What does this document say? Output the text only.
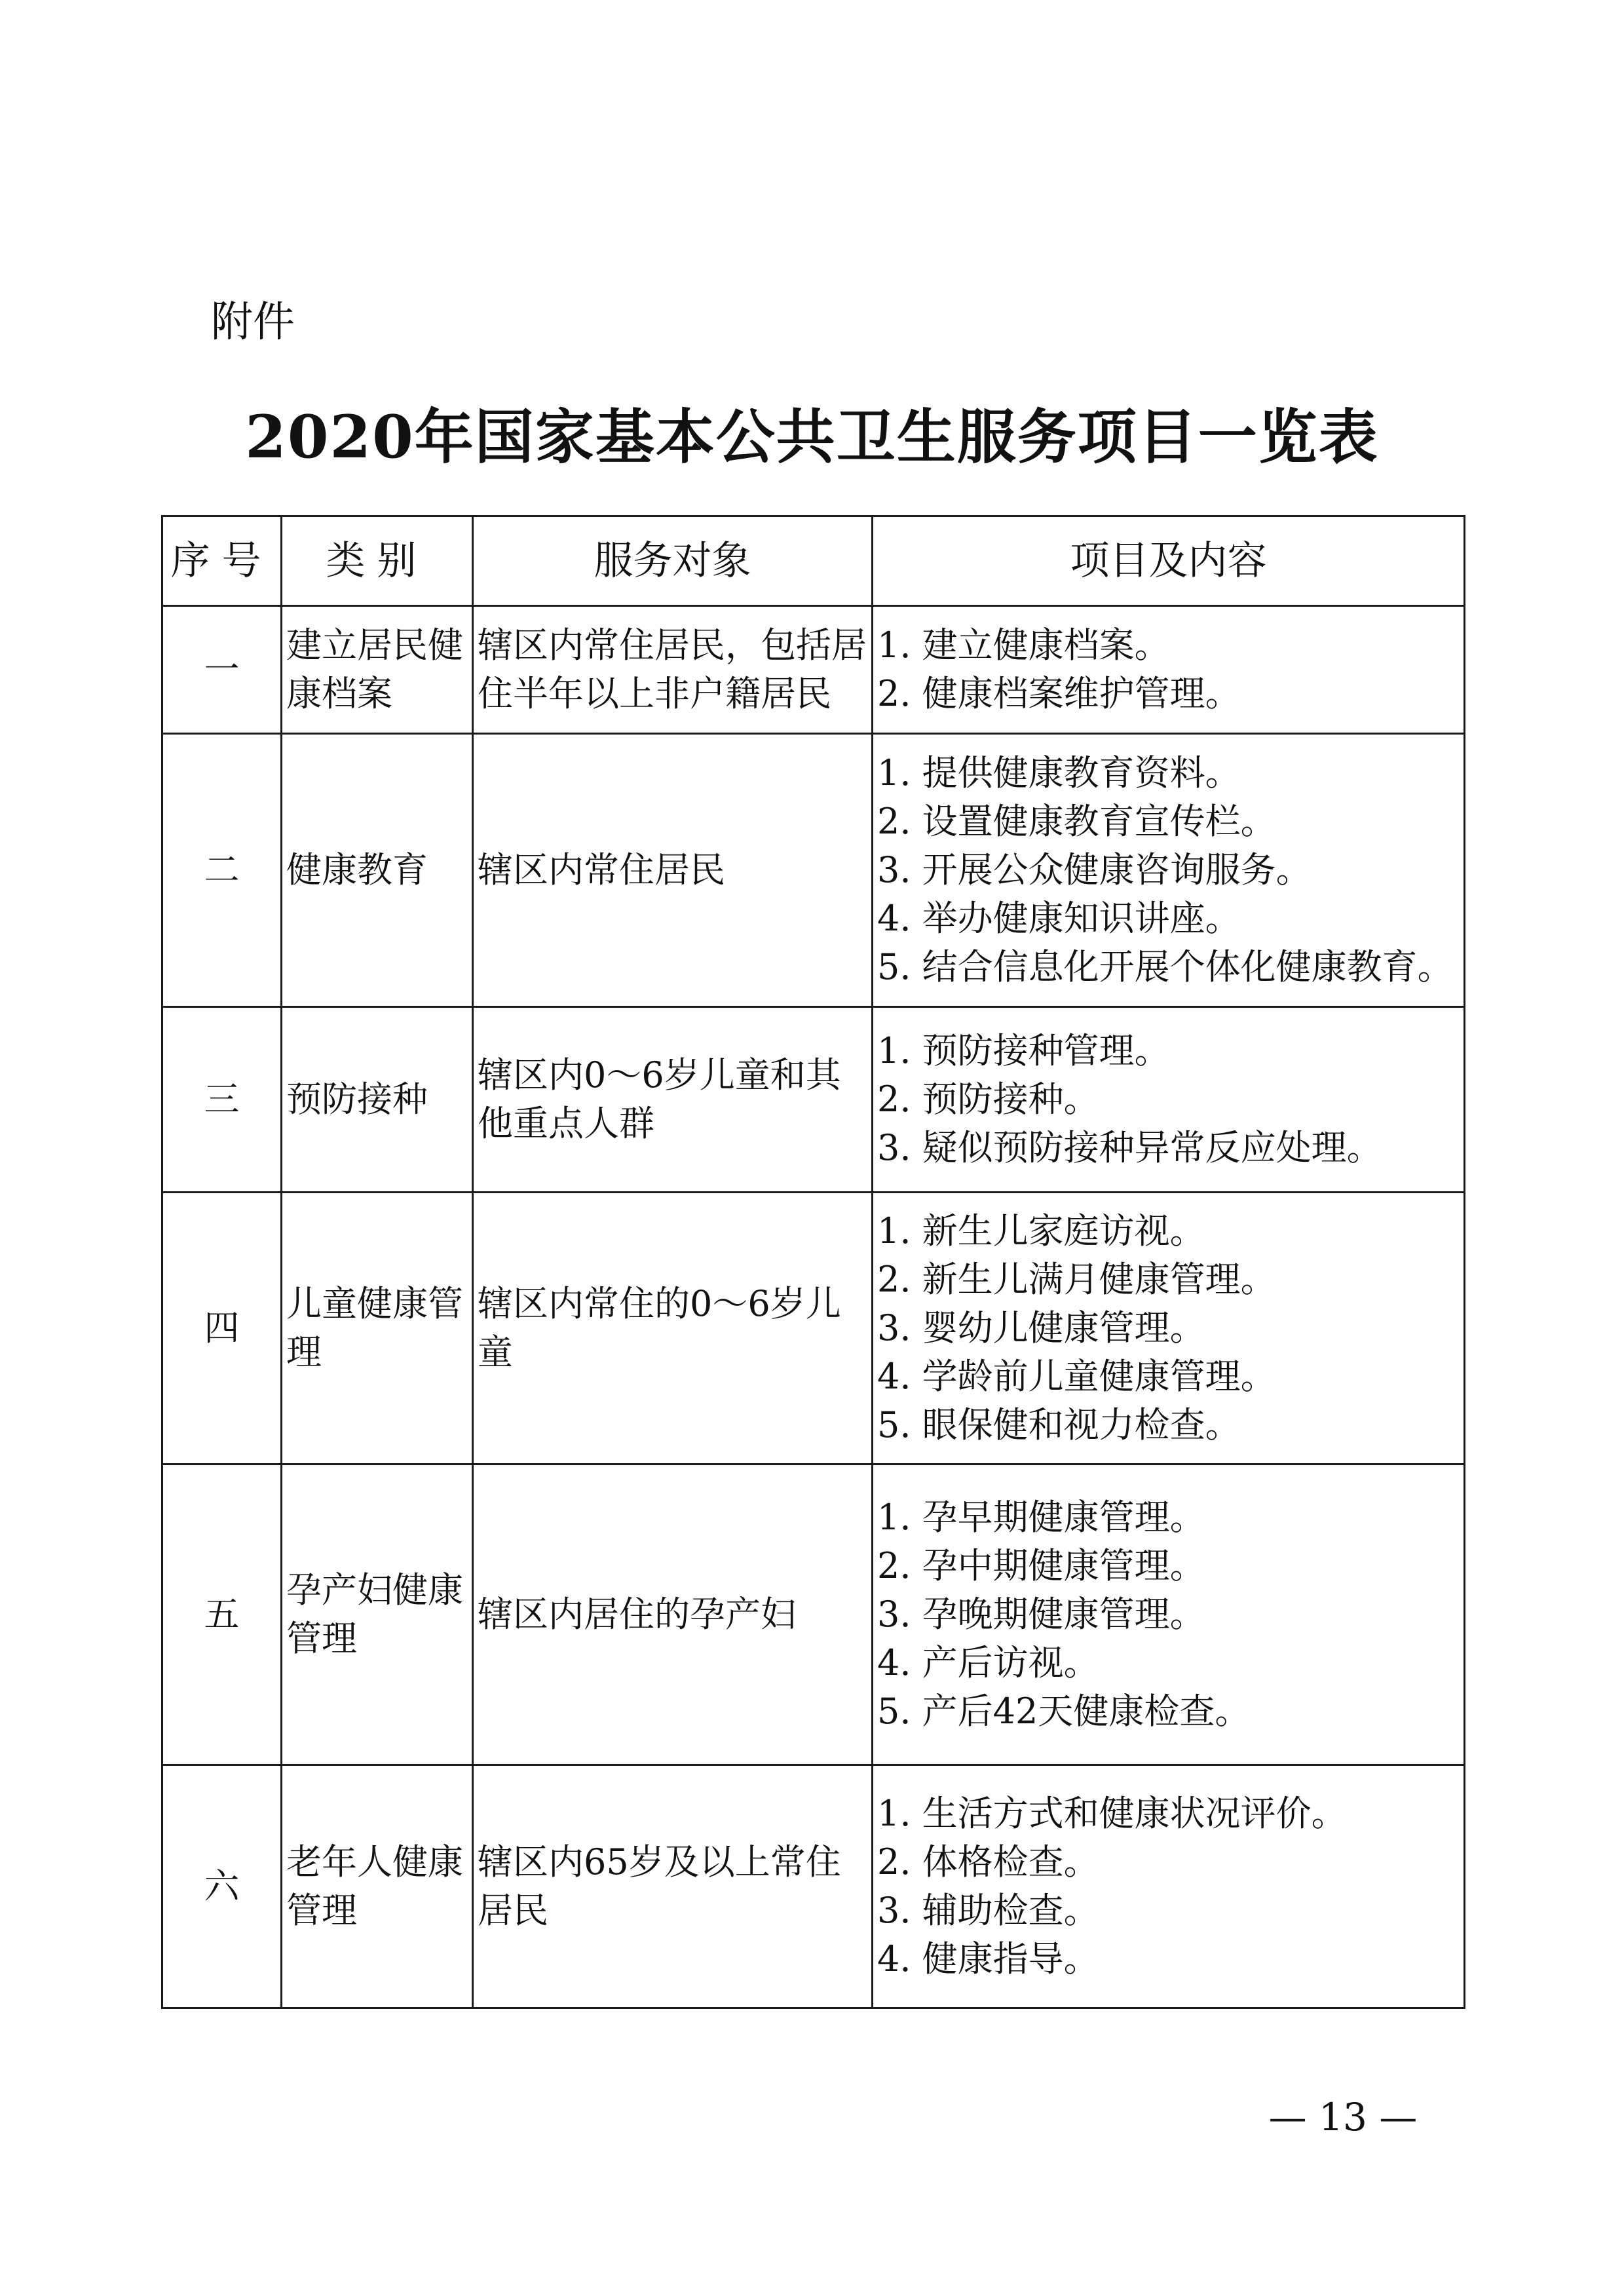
附件
2020年国家基本公共卫生服务项目一览表
序号	类别	服务对象	项目及内容
一	建立居民健康档案	辖区内常住居民，包括居住半年以上非户籍居民	1. 建立健康档案。
2. 健康档案维护管理。

二	健康教育	辖区内常住居民	1. 提供健康教育资料。
2. 设置健康教育宣传栏。
3. 开展公众健康咨询服务。
4. 举办健康知识讲座。
5. 结合信息化开展个体化健康教育。

三	预防接种	辖区内0～6岁儿童和其他重点人群	1. 预防接种管理。
2. 预防接种。
3. 疑似预防接种异常反应处理。

四	儿童健康管理	辖区内常住的0～6岁儿童	1. 新生儿家庭访视。
2. 新生儿满月健康管理。
3. 婴幼儿健康管理。
4. 学龄前儿童健康管理。
5. 眼保健和视力检查。

五	孕产妇健康管理	辖区内居住的孕产妇	1. 孕早期健康管理。
2. 孕中期健康管理。
3. 孕晚期健康管理。
4. 产后访视。
5. 产后42天健康检查。

六	老年人健康管理	辖区内65岁及以上常住居民	1. 生活方式和健康状况评价。
2. 体格检查。
3. 辅助检查。
4. 健康指导。
— 13 —
